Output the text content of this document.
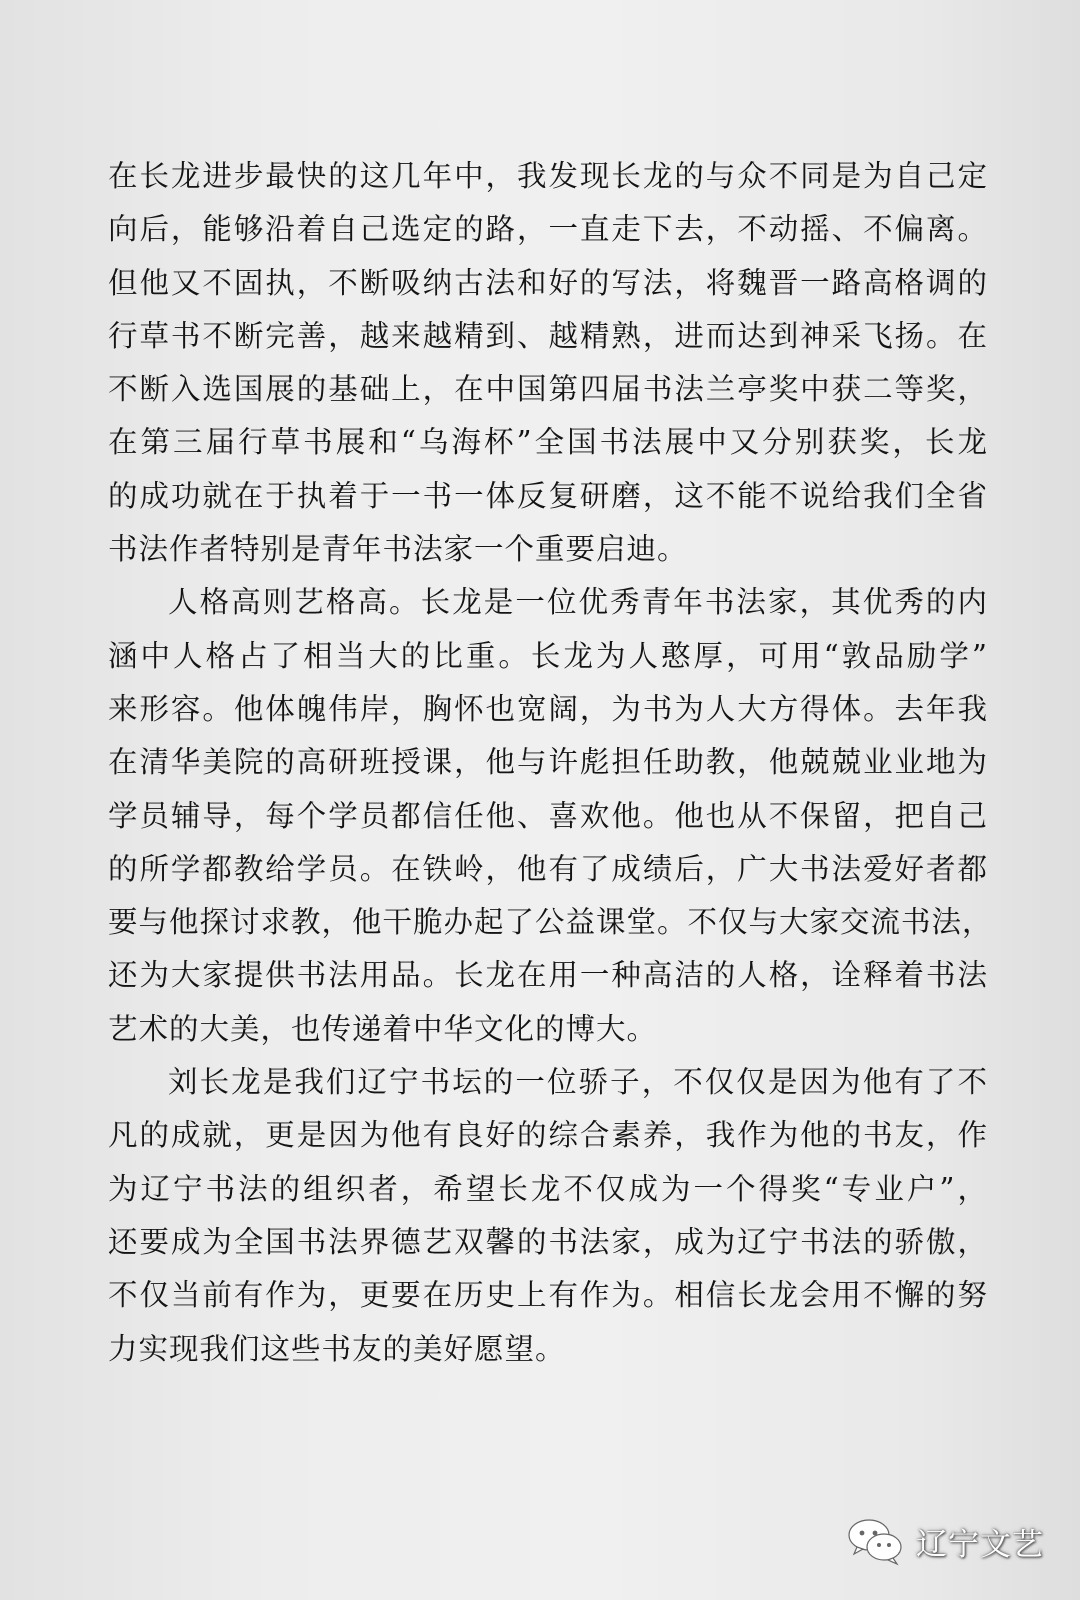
在长龙进步最快的这几年中，我发现长龙的与众不同是为自己定
向后，能够沿着自己选定的路，一直走下去，不动摇、不偏离。
但他又不固执，不断吸纳古法和好的写法，将魏晋一路高格调的
行草书不断完善，越来越精到、越精熟，进而达到神采飞扬。在
不断入选国展的基础上，在中国第四届书法兰亭奖中获二等奖，
在第三届行草书展和“乌海杯”全国书法展中又分别获奖，长龙
的成功就在于执着于一书一体反复研磨，这不能不说给我们全省
书法作者特别是青年书法家一个重要启迪。
人格高则艺格高。长龙是一位优秀青年书法家，其优秀的内
涵中人格占了相当大的比重。长龙为人憨厚，可用“敦品励学”
来形容。他体魄伟岸，胸怀也宽阔，为书为人大方得体。去年我
在清华美院的高研班授课，他与许彪担任助教，他兢兢业业地为
学员辅导，每个学员都信任他、喜欢他。他也从不保留，把自己
的所学都教给学员。在铁岭，他有了成绩后，广大书法爱好者都
要与他探讨求教，他干脆办起了公益课堂。不仅与大家交流书法，
还为大家提供书法用品。长龙在用一种高洁的人格，诠释着书法
艺术的大美，也传递着中华文化的博大。
刘长龙是我们辽宁书坛的一位骄子，不仅仅是因为他有了不
凡的成就，更是因为他有良好的综合素养，我作为他的书友，作
为辽宁书法的组织者，希望长龙不仅成为一个得奖“专业户”，
还要成为全国书法界德艺双馨的书法家，成为辽宁书法的骄傲，
不仅当前有作为，更要在历史上有作为。相信长龙会用不懈的努
力实现我们这些书友的美好愿望。
辽宁文艺
